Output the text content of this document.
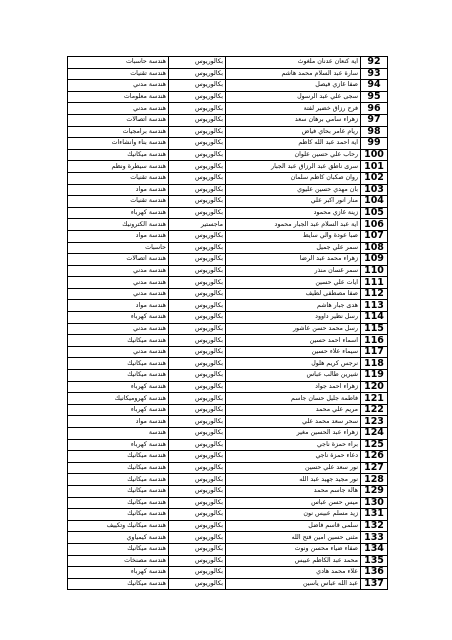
هندسة حاسبات	بكالوريوس	اية كنعان عدنان ملغوث	92
هندسة تقنيات	بكالوريوس	سارة عبد السلام محمد هاشم	93
هندسة مدني	بكالوريوس	صفا غازي فيصل	94
هندسة معلومات	بكالوريوس	سجى علي عبد الرسول	95
هندسة مدني	بكالوريوس	فرح رزاق خضير لفتة	96
هندسة اتصالات	بكالوريوس	زهراء سامي برهان سعد	97
هندسة برامجيات	بكالوريوس	ريام عامر بحاي فياض	98
هندسة بناء وانشاءات	بكالوريوس	اية احمد عبد الله كاظم	99
هندسة ميكانيك	بكالوريوس	رحاب علي حسين علوان	100
هندسة سيطرة ونظم	بكالوريوس	سرى ناطق عبد الرزاق عبد الجبار	101
هندسة تقنيات	بكالوريوس	روان صكبان كاظم سلمان	102
هندسة مواد	بكالوريوس	بان مهدي حسين عليوي	103
هندسة تقنيات	بكالوريوس	منار انور اكبر علي	104
هندسة كهرباء	بكالوريوس	زينة غازي محمود	105
هندسة الكترونيك	ماجستير	اية عبد السلام عبد الجبار محمود	106
هندسة مواد	بكالوريوس	صبا عودة والي سايط	107
حاسبات	بكالوريوس	سمر علي جميل	108
هندسة اتصالات	بكالوريوس	زهراء محمد عبد الرضا	109
هندسة مدني	بكالوريوس	سمر غسان منذر	110
هندسة مدني	بكالوريوس	ايات علي حسين	111
هندسة مدني	بكالوريوس	صفا مصطفى لطيف	112
هندسة مواد	بكالوريوس	هدى جبار هاشم	113
هندسة كهرباء	بكالوريوس	رسل نظير داوود	114
هندسة مدني	بكالوريوس	رسل محمد حسن عاشور	115
هندسة ميكانيك	بكالوريوس	اسماء احمد حسين	116
هندسة مدني	بكالوريوس	سيماء علاء حسين	117
هندسة ميكانيك	بكالوريوس	نرجس كريم هلول	118
هندسة ميكانيك	بكالوريوس	شيرين طالب عباس	119
هندسة كهرباء	بكالوريوس	زهراء احمد جواد	120
هندسة كهروميكانيك	بكالوريوس	فاطمة جليل حسان جاسم	121
هندسة كهرباء	بكالوريوس	مريم علي محمد	122
هندسة مواد	بكالوريوس	سحر سعد محمد علي	123
هندسة	بكالوريوس	زهراء عبد الحسين مغير	124
هندسة كهرباء	بكالوريوس	براء حمزة ناجي	125
هندسة ميكانيك	بكالوريوس	دعاء حمزة ناجي	126
هندسة ميكانيك	بكالوريوس	نور سعد علي حسين	127
هندسة ميكانيك	بكالوريوس	نور مجيد جهيد عبد الله	128
هندسة ميكانيك	بكالوريوس	هالة جاسم محمد	129
هندسة ميكانيك	بكالوريوس	ميس حسن عباس	130
هندسة ميكانيك	بكالوريوس	زيد مسلم عبيس نون	131
هندسة ميكانيك وتكييف	بكالوريوس	سلمى قاسم فاضل	132
هندسة كيمياوي	بكالوريوس	مثنى حسين امين فتح الله	133
هندسة ميكانيك	بكالوريوس	صفاء ضياء محسن ونوت	134
هندسة مصنخات	بكالوريوس	محمد عبد الكاظم عبيس	135
هندسة كهرباء	بكالوريوس	علاء محمد هادي	136
هندسة ميكانيك	بكالوريوس	عبد الله عباس ياسين	137
